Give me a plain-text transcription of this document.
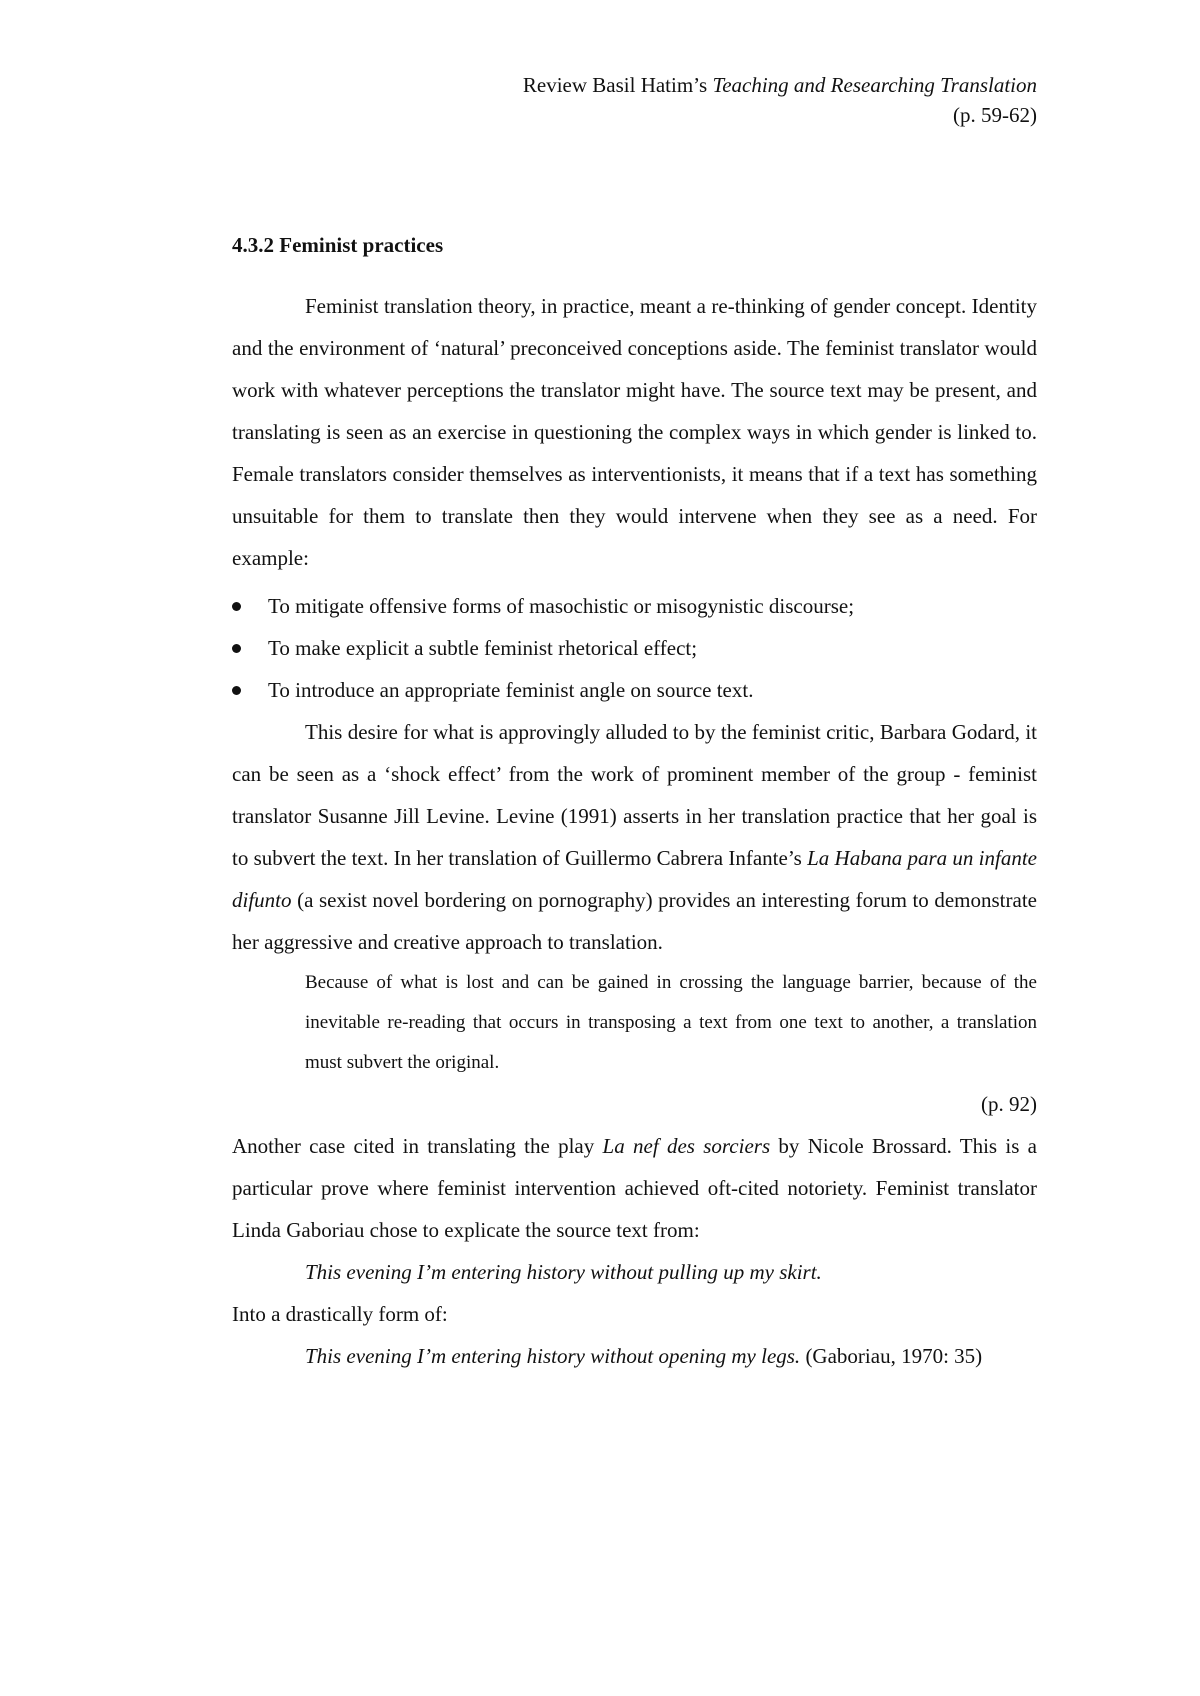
Review Basil Hatim’s Teaching and Researching Translation
(p. 59-62)
4.3.2 Feminist practices

Feminist translation theory, in practice, meant a re-thinking of gender concept. Identity and the environment of ‘natural’ preconceived conceptions aside. The feminist translator would work with whatever perceptions the translator might have. The source text may be present, and translating is seen as an exercise in questioning the complex ways in which gender is linked to. Female translators consider themselves as interventionists, it means that if a text has something unsuitable for them to translate then they would intervene when they see as a need. For example:

To mitigate offensive forms of masochistic or misogynistic discourse;
To make explicit a subtle feminist rhetorical effect;
To introduce an appropriate feminist angle on source text.

This desire for what is approvingly alluded to by the feminist critic, Barbara Godard, it can be seen as a ‘shock effect’ from the work of prominent member of the group - feminist translator Susanne Jill Levine. Levine (1991) asserts in her translation practice that her goal is to subvert the text. In her translation of Guillermo Cabrera Infante’s La Habana para un infante difunto (a sexist novel bordering on pornography) provides an interesting forum to demonstrate her aggressive and creative approach to translation.

Because of what is lost and can be gained in crossing the language barrier, because of the inevitable re-reading that occurs in transposing a text from one text to another, a translation must subvert the original.

(p. 92)

Another case cited in translating the play La nef des sorciers by Nicole Brossard. This is a particular prove where feminist intervention achieved oft-cited notoriety. Feminist translator Linda Gaboriau chose to explicate the source text from:

This evening I’m entering history without pulling up my skirt.

Into a drastically form of:

This evening I’m entering history without opening my legs. (Gaboriau, 1970: 35)
